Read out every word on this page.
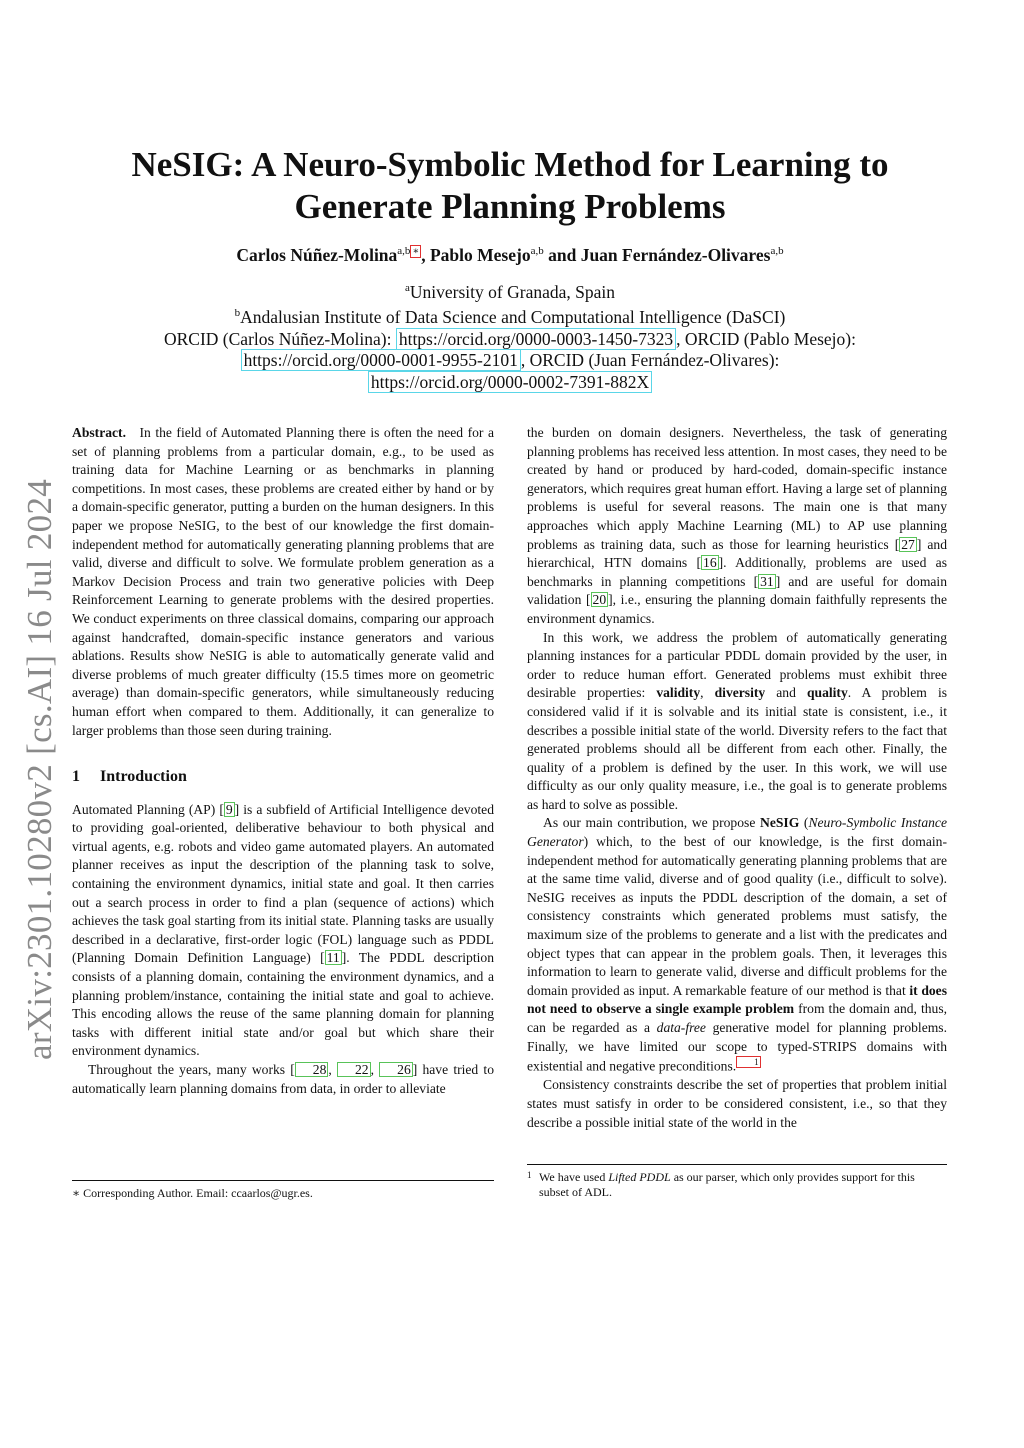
arXiv:2301.10280v2 [cs.AI] 16 Jul 2024
NeSIG: A Neuro-Symbolic Method for Learning to
Generate Planning Problems
Carlos Núñez-Molina$^{a,b}$ ∗ , Pablo Mesejo$^{a,b}$ and Juan Fernández-Olivares$^{a,b}$
$^a$University of Granada, Spain
$^b$Andalusian Institute of Data Science and Computational Intelligence (DaSCI)
ORCID (Carlos Núñez-Molina): https://orcid.org/0000-0003-1450-7323 , ORCID (Pablo Mesejo):
https://orcid.org/0000-0001-9955-2101 , ORCID (Juan Fernández-Olivares):
https://orcid.org/0000-0002-7391-882X

Abstract. In the field of Automated Planning there is often the need for a set of planning problems from a particular domain, e.g., to be used as training data for Machine Learning or as benchmarks in planning competitions. In most cases, these problems are created either by hand or by a domain-specific generator, putting a burden on the human designers. In this paper we propose NeSIG, to the best of our knowledge the first domain-independent method for automatically generating planning problems that are valid, diverse and difficult to solve. We formulate problem generation as a Markov Decision Process and train two generative policies with Deep Reinforcement Learning to generate problems with the desired properties. We conduct experiments on three classical domains, comparing our approach against handcrafted, domain-specific instance generators and various ablations. Results show NeSIG is able to automatically generate valid and diverse problems of much greater difficulty (15.5 times more on geometric average) than domain-specific generators, while simultaneously reducing human effort when compared to them. Additionally, it can generalize to larger problems than those seen during training.

1 Introduction

Automated Planning (AP) [ 9 ] is a subfield of Artificial Intelligence devoted to providing goal-oriented, deliberative behaviour to both physical and virtual agents, e.g. robots and video game automated players. An automated planner receives as input the description of the planning task to solve, containing the environment dynamics, initial state and goal. It then carries out a search process in order to find a plan (sequence of actions) which achieves the task goal starting from its initial state. Planning tasks are usually described in a declarative, first-order logic (FOL) language such as PDDL (Planning Domain Definition Language) [ 11 ]. The PDDL description consists of a planning domain, containing the environment dynamics, and a planning problem/instance, containing the initial state and goal to achieve. This encoding allows the reuse of the same planning domain for planning tasks with different initial state and/or goal but which share their environment dynamics.

Throughout the years, many works [ 28 , 22 , 26 ] have tried to automatically learn planning domains from data, in order to alleviate

the burden on domain designers. Nevertheless, the task of generating planning problems has received less attention. In most cases, they need to be created by hand or produced by hard-coded, domain-specific instance generators, which requires great human effort. Having a large set of planning problems is useful for several reasons. The main one is that many approaches which apply Machine Learning (ML) to AP use planning problems as training data, such as those for learning heuristics [ 27 ] and hierarchical, HTN domains [ 16 ]. Additionally, problems are used as benchmarks in planning competitions [ 31 ] and are useful for domain validation [ 20 ], i.e., ensuring the planning domain faithfully represents the environment dynamics.

In this work, we address the problem of automatically generating planning instances for a particular PDDL domain provided by the user, in order to reduce human effort. Generated problems must exhibit three desirable properties: validity, diversity and quality. A problem is considered valid if it is solvable and its initial state is consistent, i.e., it describes a possible initial state of the world. Diversity refers to the fact that generated problems should all be different from each other. Finally, the quality of a problem is defined by the user. In this work, we will use difficulty as our only quality measure, i.e., the goal is to generate problems as hard to solve as possible.

As our main contribution, we propose NeSIG (Neuro-Symbolic Instance Generator) which, to the best of our knowledge, is the first domain-independent method for automatically generating planning problems that are at the same time valid, diverse and of good quality (i.e., difficult to solve). NeSIG receives as inputs the PDDL description of the domain, a set of consistency constraints which generated problems must satisfy, the maximum size of the problems to generate and a list with the predicates and object types that can appear in the problem goals. Then, it leverages this information to learn to generate valid, diverse and difficult problems for the domain provided as input. A remarkable feature of our method is that it does not need to observe a single example problem from the domain and, thus, can be regarded as a data-free generative model for planning problems. Finally, we have limited our scope to typed-STRIPS domains with existential and negative preconditions. 1

Consistency constraints describe the set of properties that problem initial states must satisfy in order to be considered consistent, i.e., so that they describe a possible initial state of the world in the

∗ Corresponding Author. Email: ccaarlos@ugr.es.
1 We have used Lifted PDDL as our parser, which only provides support for this subset of ADL.
